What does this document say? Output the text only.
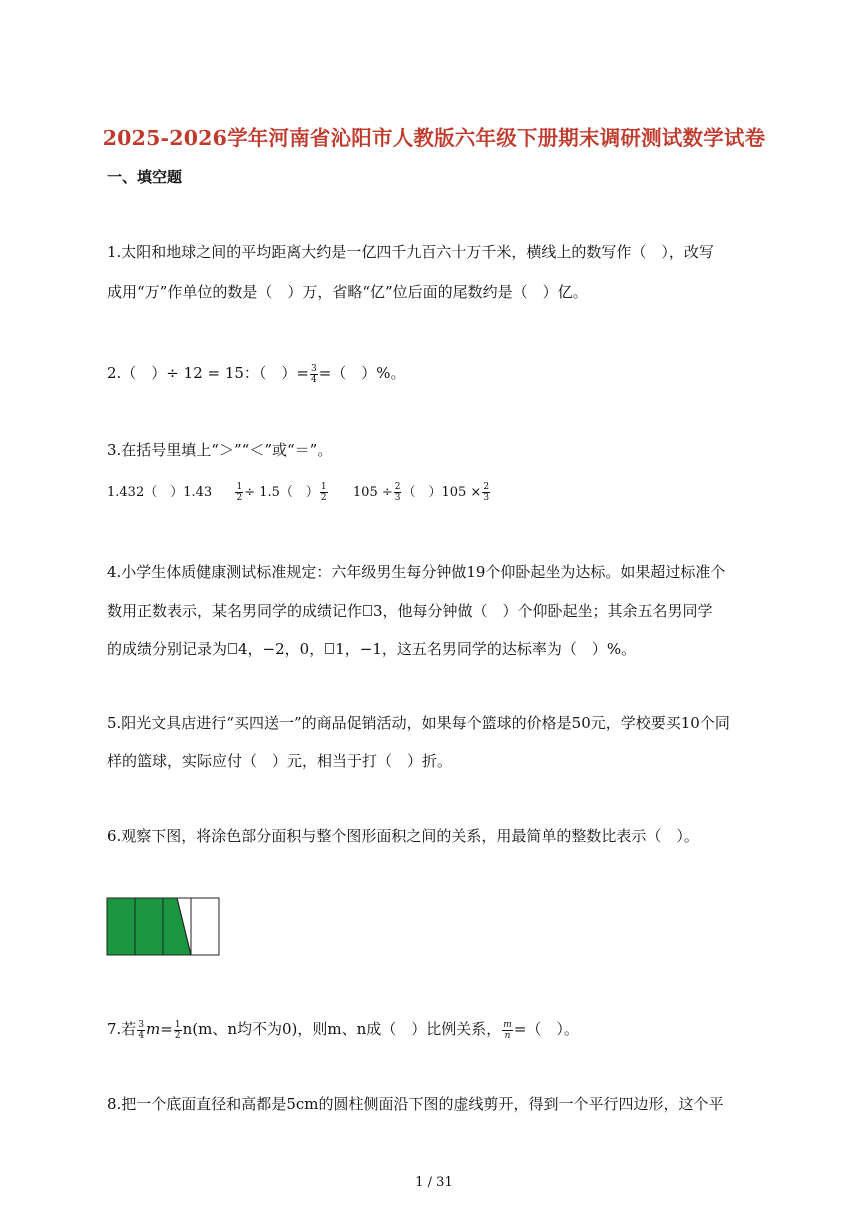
2025-2026学年河南省沁阳市人教版六年级下册期末调研测试数学试卷
一、填空题
1.太阳和地球之间的平均距离大约是一亿四千九百六十万千米，横线上的数写作（　），改写
成用“万”作单位的数是（　）万，省略“亿”位后面的尾数约是（　）亿。
2.（　）÷ 12 = 15：（　）= $\frac{3}{4}$ =（　）%。
3.在括号里填上“＞”“＜”或“＝”。
1.432（　）1.43	$\frac{1}{2} \div 1.5$（　） $\frac{1}{2} 105 \div \frac{2}{3}$ （　）$105 \times \frac{2}{3}$
4.小学生体质健康测试标准规定：六年级男生每分钟做19个仰卧起坐为达标。如果超过标准个
数用正数表示，某名男同学的成绩记作 3，他每分钟做（　）个仰卧起坐；其余五名男同学
的成绩分别记录为 4，−2，0， 1，−1，这五名男同学的达标率为（　）%。
5.阳光文具店进行“买四送一”的商品促销活动，如果每个篮球的价格是50元，学校要买10个同
样的篮球，实际应付（　）元，相当于打（　）折。
6.观察下图，将涂色部分面积与整个图形面积之间的关系，用最简单的整数比表示（　）。
7.若 $\frac{3}{4} m= \frac{1}{2} n(m$、n均不为0)，则m、n成（　）比例关系， $\frac{m}{n}$ =（　）。
8.把一个底面直径和高都是5cm的圆柱侧面沿下图的虚线剪开，得到一个平行四边形，这个平
1 / 31
